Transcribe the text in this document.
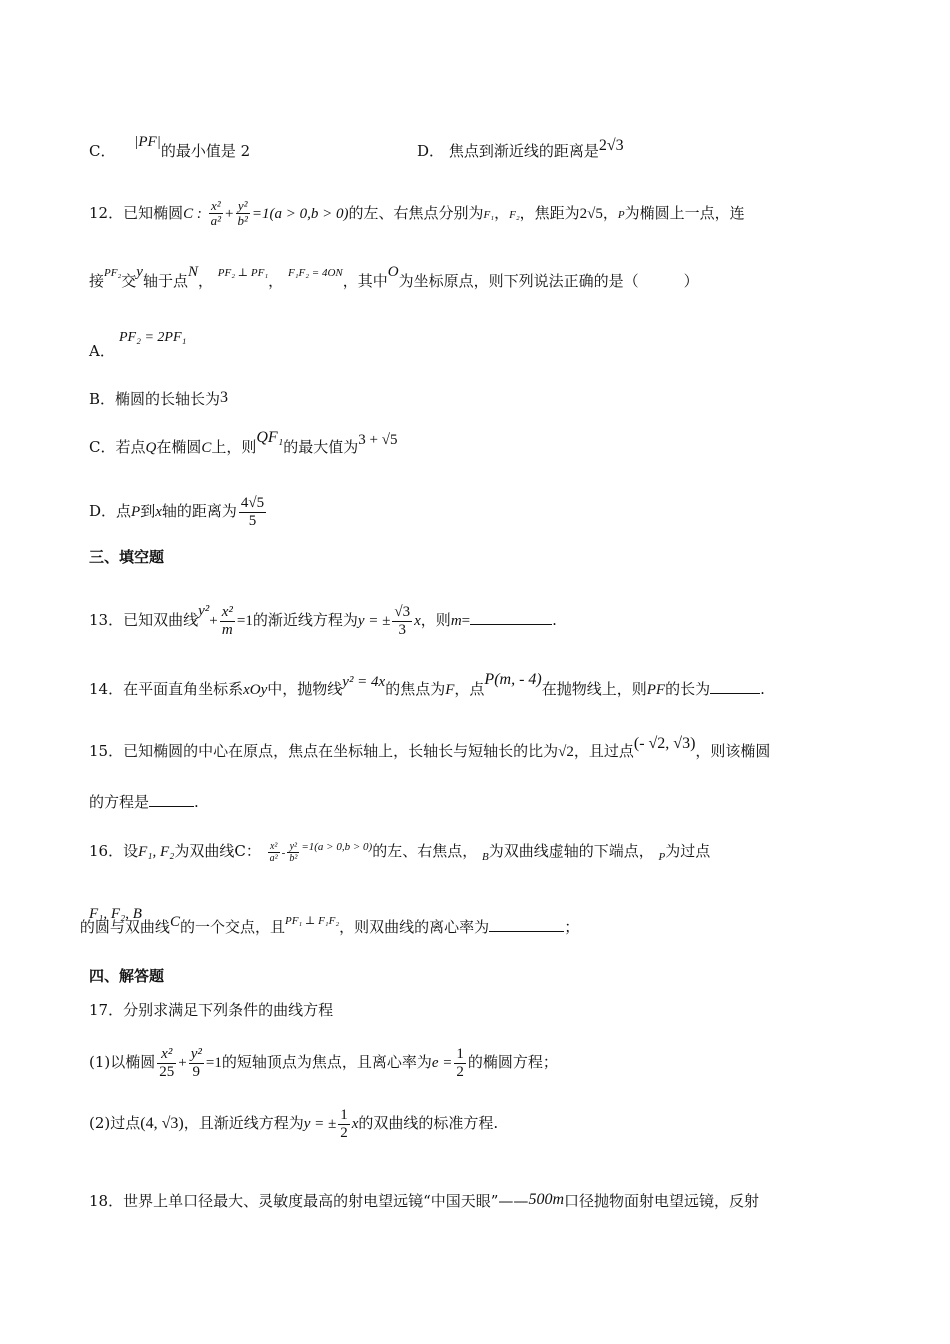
C． |PF|的最小值是 2	D． 焦点到渐近线的距离是2√3
12．已知椭圆C : $\frac{\text{x²}}{\text{a²}} + \frac{\text{y²}}{\text{b²}} =1(a > 0,b > 0)$的左、右焦点分别为F₁，F₂，焦距为2√5，P为椭圆上一点，连
接$^{PF_2}$交y轴于点N， $^{PF_2 \perp PF_1}$， $^{F_1F_2 = 4ON}$，其中O为坐标原点，则下列说法正确的是（　　　）
PF₂ = 2PF₁
A．
B．椭圆的长轴长为3
C．若点Q在椭圆C上，则QF₁的最大值为3 + √5
D．点P到x轴的距离为 $\frac{4√5}{5}$
三、填空题
13．已知双曲线$y^2+ \frac{\text{x²}}{m} =1$的渐近线方程为y = ± $\frac{√3}{3}$ x，则m=	.
14．在平面直角坐标系xOy中，抛物线y² = 4x的焦点为F，点P(m, - 4)在抛物线上，则PF的长为	.
15．已知椭圆的中心在原点，焦点在坐标轴上，长轴长与短轴长的比为√2，且过点(- √2, √3)，则该椭圆
的方程是	.
16．设F₁, F₂为双曲线C： $\frac{\text{x²}}{\text{a²}} - \frac{\text{y²}}{\text{b²}} ^{=1(a > 0,b > 0)}$的左、右焦点， $_B$为双曲线虚轴的下端点， $_P$为过点
F₁, F₂, B的圆与双曲线C的一个交点，且$^{PF_1 \perp F_1F_2}$，则双曲线的离心率为	；
四、解答题
17．分别求满足下列条件的曲线方程
(1)以椭圆 $\frac{\text{x²}}{25} + \frac{\text{y²}}{9} =1$的短轴顶点为焦点，且离心率为$e = \frac{1}{2}$ 的椭圆方程；
(2)过点(4, √3)，且渐近线方程为y = ± $\frac{1}{2}$ x的双曲线的标准方程.
18．世界上单口径最大、灵敏度最高的射电望远镜“中国天眼”——500m口径抛物面射电望远镜，反射
